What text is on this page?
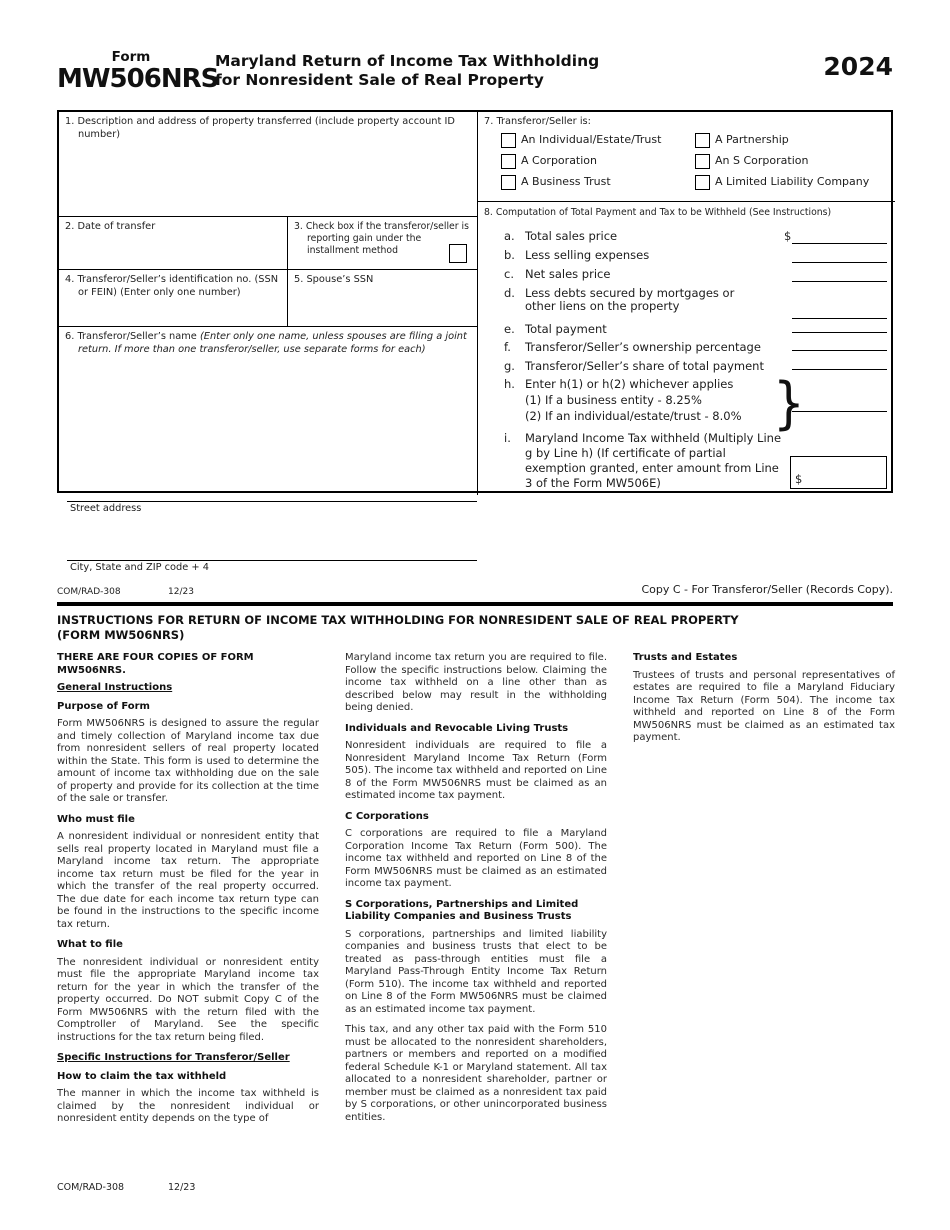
Form
MW506NRS
Maryland Return of Income Tax Withholding
for Nonresident Sale of Real Property	2024
1. Description and address of property transferred (include property account ID number)
2. Date of transfer	3. Check box if the transferor/seller is reporting gain under the installment method
4. Transferor/Seller’s identification no. (SSN or FEIN) (Enter only one number)
5. Spouse’s SSN
6. Transferor/Seller’s name (Enter only one name, unless spouses are filing a joint return. If more than one transferor/seller, use separate forms for each)
Street address
City, State and ZIP code + 4
7. Transferor/Seller is:
An Individual/Estate/Trust
A Corporation
A Business Trust
A Partnership
An S Corporation
A Limited Liability Company
8. Computation of Total Payment and Tax to be Withheld (See Instructions)
a. Total sales price	$
b. Less selling expenses
c. Net sales price
d. Less debts secured by mortgages or other liens on the property
e. Total payment
f.	Transferor/Seller’s ownership percentage
g. Transferor/Seller’s share of total payment
h. Enter h(1) or h(2) whichever applies
(1) If a business entity - 8.25%
(2) If an individual/estate/trust - 8.0% }
i.	Maryland Income Tax withheld (Multiply Line g by Line h) (If certificate of partial exemption granted, enter amount from Line 3 of the Form MW506E)	$
COM/RAD-308	12/23	Copy C - For Transferor/Seller (Records Copy).
INSTRUCTIONS FOR RETURN OF INCOME TAX WITHHOLDING FOR NONRESIDENT SALE OF REAL PROPERTY
(FORM MW506NRS)
THERE ARE FOUR COPIES OF FORM MW506NRS.
General Instructions
Purpose of Form

Form MW506NRS is designed to assure the regular and timely collection of Maryland income tax due from nonresident sellers of real property located within the State. This form is used to determine the amount of income tax withholding due on the sale of property and provide for its collection at the time of the sale or transfer.

Who must file

A nonresident individual or nonresident entity that sells real property located in Maryland must file a Maryland income tax return. The appropriate income tax return must be filed for the year in which the transfer of the real property occurred. The due date for each income tax return type can be found in the instructions to the specific income tax return.

What to file

The nonresident individual or nonresident entity must file the appropriate Maryland income tax return for the year in which the transfer of the property occurred. Do NOT submit Copy C of the Form MW506NRS with the return filed with the Comptroller of Maryland. See the specific instructions for the tax return being filed.

Specific Instructions for Transferor/Seller
How to claim the tax withheld

The manner in which the income tax withheld is claimed by the nonresident individual or nonresident entity depends on the type of

Maryland income tax return you are required to file. Follow the specific instructions below. Claiming the income tax withheld on a line other than as described below may result in the withholding being denied.

Individuals and Revocable Living Trusts

Nonresident individuals are required to file a Nonresident Maryland Income Tax Return (Form 505). The income tax withheld and reported on Line 8 of the Form MW506NRS must be claimed as an estimated income tax payment.

C Corporations

C corporations are required to file a Maryland Corporation Income Tax Return (Form 500). The income tax withheld and reported on Line 8 of the Form MW506NRS must be claimed as an estimated income tax payment.

S Corporations, Partnerships and Limited Liability Companies and Business Trusts

S corporations, partnerships and limited liability companies and business trusts that elect to be treated as pass-through entities must file a Maryland Pass-Through Entity Income Tax Return (Form 510). The income tax withheld and reported on Line 8 of the Form MW506NRS must be claimed as an estimated income tax payment.

This tax, and any other tax paid with the Form 510 must be allocated to the nonresident shareholders, partners or members and reported on a modified federal Schedule K-1 or Maryland statement. All tax allocated to a nonresident shareholder, partner or member must be claimed as a nonresident tax paid by S corporations, or other unincorporated business entities.

Trusts and Estates

Trustees of trusts and personal representatives of estates are required to file a Maryland Fiduciary Income Tax Return (Form 504). The income tax withheld and reported on Line 8 of the Form MW506NRS must be claimed as an estimated tax payment.

COM/RAD-308	12/23
